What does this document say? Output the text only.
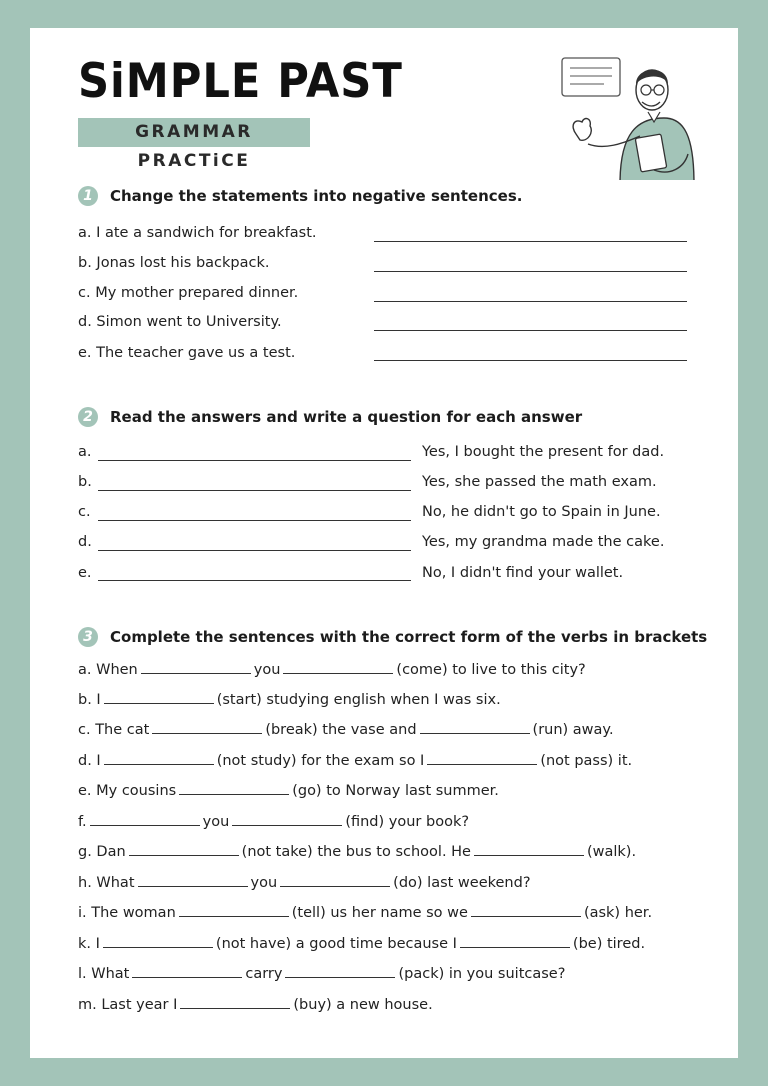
SiMPLE PAST
GRAMMAR PRACTiCE
1	Change the statements into negative sentences.
a. I ate a sandwich for breakfast.
b. Jonas lost his backpack.
c. My mother prepared dinner.
d. Simon went to University.
e. The teacher gave us a test.
2	Read the answers and write a question for each answer
a.	Yes, I bought the present for dad.
b.	Yes, she passed the math exam.
c.	No, he didn't go to Spain in June.
d.	Yes, my grandma made the cake.
e.	No, I didn't find your wallet.
3	Complete the sentences with the correct form of the verbs in brackets
a. When	you	(come) to live to this city?
b. I	(start) studying english when I was six.
c. The cat	(break) the vase and	(run) away.
d. I	(not study) for the exam so I	(not pass) it.
e. My cousins	(go) to Norway last summer.
f.	you	(find) your book?
g. Dan	(not take) the bus to school. He	(walk).
h. What	you	(do) last weekend?
i. The woman	(tell) us her name so we	(ask) her.
k. I	(not have) a good time because I	(be) tired.
l. What	carry	(pack) in you suitcase?
m. Last year I	(buy) a new house.
